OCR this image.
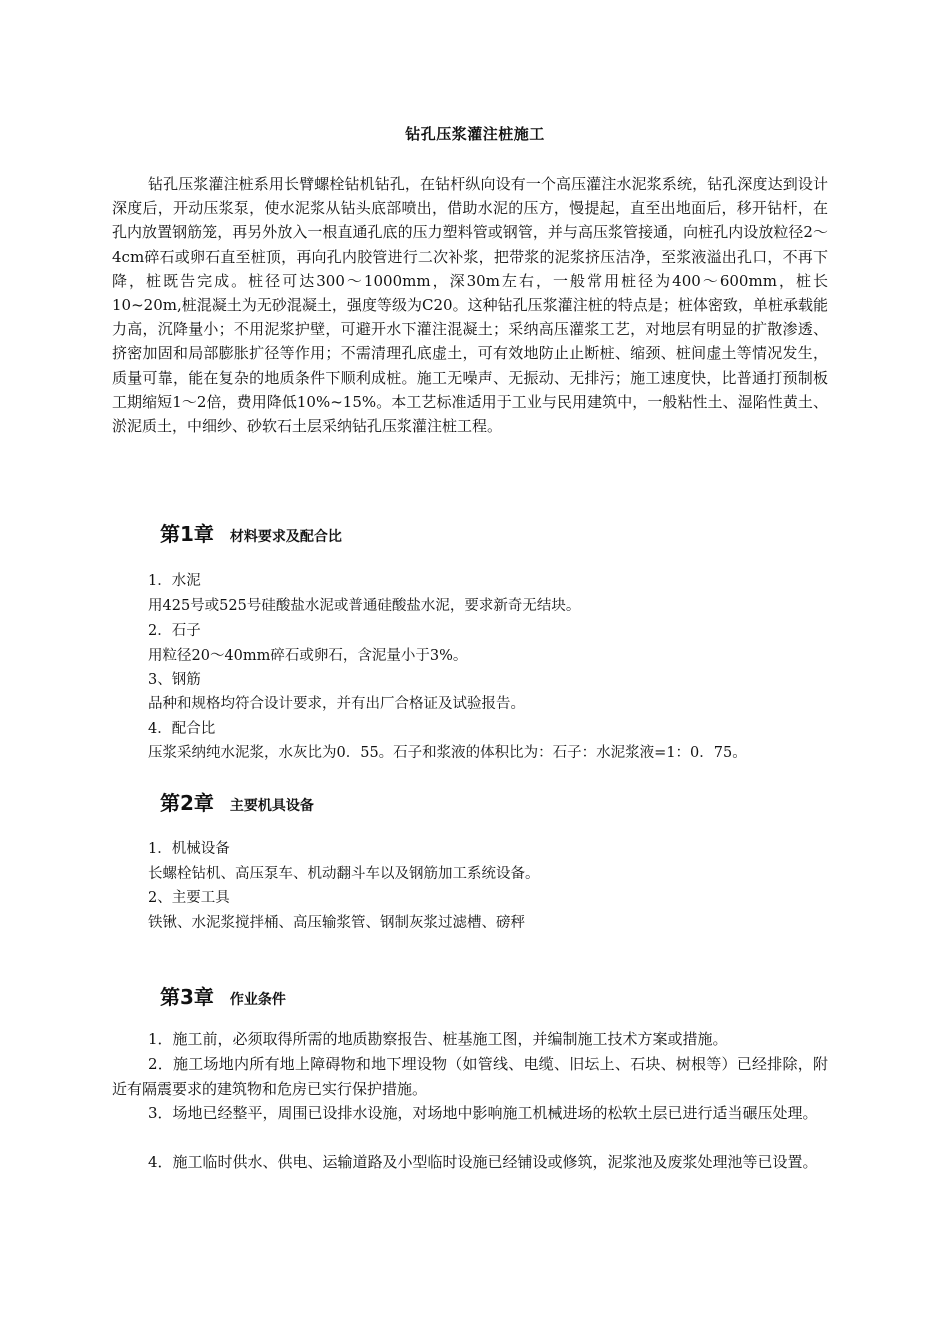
钻孔压浆灌注桩施工

钻孔压浆灌注桩系用长臂螺栓钻机钻孔，在钻杆纵向设有一个高压灌注水泥浆系统，钻孔深度达到设计深度后，开动压浆泵，使水泥浆从钻头底部喷出，借助水泥的压方，慢提起，直至出地面后，移开钻杆，在孔内放置钢筋笼，再另外放入一根直通孔底的压力塑料管或钢管，并与高压浆管接通，向桩孔内设放粒径2～4cm碎石或卵石直至桩顶，再向孔内胶管进行二次补浆，把带浆的泥浆挤压洁净，至浆液溢出孔口，不再下降，桩既告完成。桩径可达300～1000mm，深30m左右，一般常用桩径为400～600mm，桩长10~20m,桩混凝土为无砂混凝土，强度等级为C20。这种钻孔压浆灌注桩的特点是；桩体密致，单桩承载能力高，沉降量小；不用泥浆护壁，可避开水下灌注混凝土；采纳高压灌浆工艺，对地层有明显的扩散渗透、挤密加固和局部膨胀扩径等作用；不需清理孔底虚土，可有效地防止止断桩、缩颈、桩间虚土等情况发生，质量可靠，能在复杂的地质条件下顺利成桩。施工无噪声、无振动、无排污；施工速度快，比普通打预制板工期缩短1～2倍，费用降低10%~15%。本工艺标准适用于工业与民用建筑中，一般粘性土、湿陷性黄土、淤泥质土，中细纱、砂软石土层采纳钻孔压浆灌注桩工程。

第1章 材料要求及配合比
1．水泥
用425号或525号硅酸盐水泥或普通硅酸盐水泥，要求新奇无结块。
2．石子
用粒径20～40mm碎石或卵石，含泥量小于3%。
3、钢筋
品种和规格均符合设计要求，并有出厂合格证及试验报告。
4．配合比
压浆采纳纯水泥浆，水灰比为0．55。石子和浆液的体积比为：石子：水泥浆液=1：0．75。
第2章 主要机具设备
1．机械设备
长螺栓钻机、高压泵车、机动翻斗车以及钢筋加工系统设备。
2、主要工具
铁锹、水泥浆搅拌桶、高压输浆管、钢制灰浆过滤槽、磅秤
第3章 作业条件

1．施工前，必须取得所需的地质勘察报告、桩基施工图，并编制施工技术方案或措施。

2．施工场地内所有地上障碍物和地下埋设物（如管线、电缆、旧坛上、石块、树根等）已经排除，附近有隔震要求的建筑物和危房已实行保护措施。

3．场地已经整平，周围已设排水设施，对场地中影响施工机械进场的松软土层已进行适当碾压处理。

4．施工临时供水、供电、运输道路及小型临时设施已经铺设或修筑，泥浆池及废浆处理池等已设置。
